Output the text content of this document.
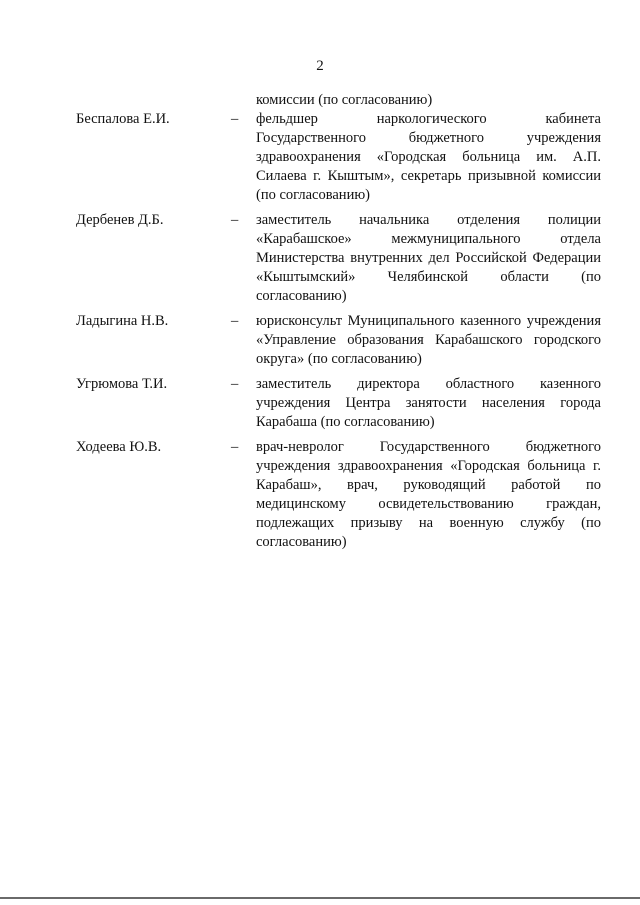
2
комиссии (по согласованию)
Беспалова Е.И.	–	фельдшер наркологического кабинета Государственного бюджетного учреждения здравоохранения «Городская больница им. А.П. Силаева г. Кыштым», секретарь призывной комиссии (по согласованию)
Дербенев Д.Б.	–	заместитель начальника отделения полиции «Карабашское» межмуниципального отдела Министерства внутренних дел Российской Федерации «Кыштымский» Челябинской области (по согласованию)
Ладыгина Н.В.	–	юрисконсульт Муниципального казенного учреждения «Управление образования Карабашского городского округа» (по согласованию)
Угрюмова Т.И.	–	заместитель директора областного казенного учреждения Центра занятости населения города Карабаша (по согласованию)
Ходеева Ю.В.	–	врач-невролог Государственного бюджетного учреждения здравоохранения «Городская больница г. Карабаш», врач, руководящий работой по медицинскому освидетельствованию граждан, подлежащих призыву на военную службу (по согласованию)
